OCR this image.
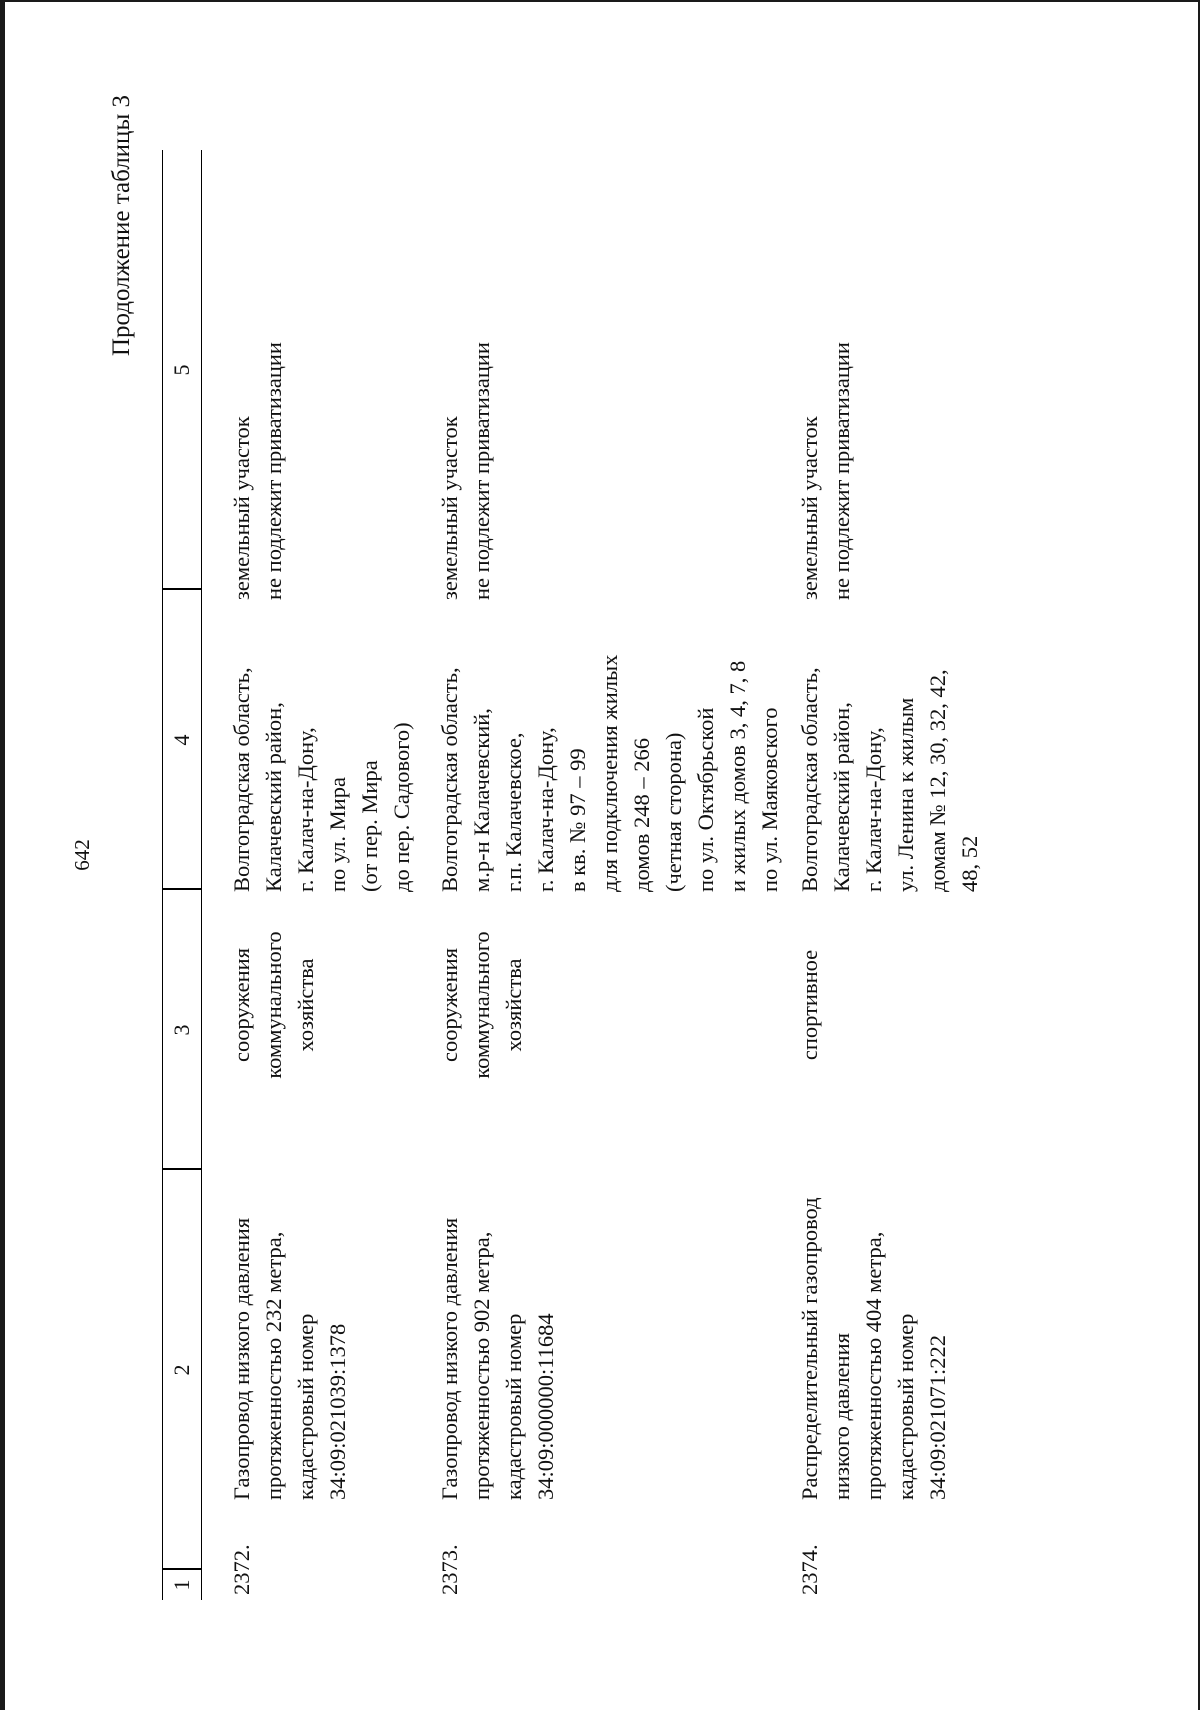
642
Продолжение таблицы 3
1
2
3
4
5
2372.
Газопровод низкого давления
протяженностью 232 метра,
кадастровый номер
34:09:021039:1378
сооружения
коммунального
хозяйства
Волгоградская область,
Калачевский район,
г. Калач-на-Дону,
по ул. Мира
(от пер. Мира
до пер. Садового)
земельный участок
не подлежит приватизации
2373.
Газопровод низкого давления
протяженностью 902 метра,
кадастровый номер
34:09:000000:11684
сооружения
коммунального
хозяйства
Волгоградская область,
м.р-н Калачевский,
г.п. Калачевское,
г. Калач-на-Дону,
в кв. № 97 – 99
для подключения жилых
домов 248 – 266
(четная сторона)
по ул. Октябрьской
и жилых домов 3, 4, 7, 8
по ул. Маяковского
земельный участок
не подлежит приватизации
2374.
Распределительный газопровод
низкого давления
протяженностью 404 метра,
кадастровый номер
34:09:021071:222
спортивное
Волгоградская область,
Калачевский район,
г. Калач-на-Дону,
ул. Ленина к жилым
домам № 12, 30, 32, 42,
48, 52
земельный участок
не подлежит приватизации
